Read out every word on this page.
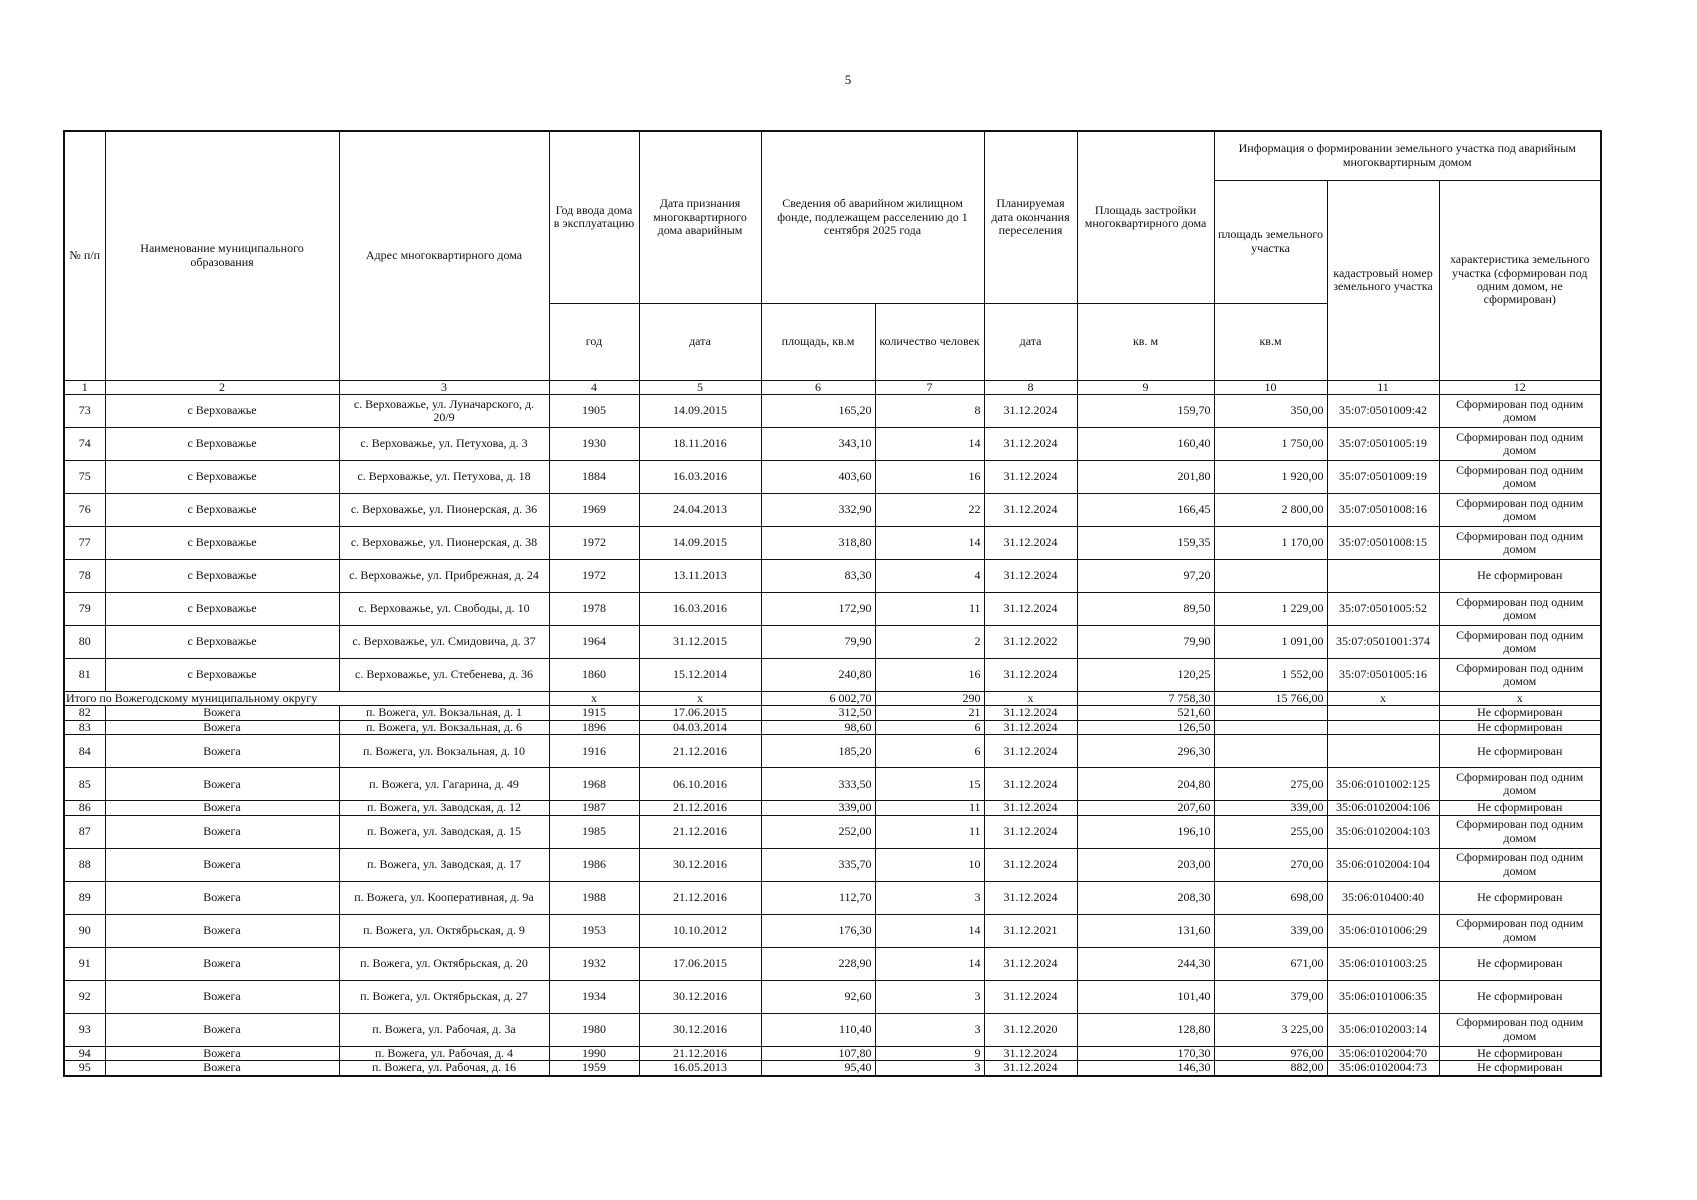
5
№ п/п	Наименование муниципального образования	Адрес многоквартирного дома	Год ввода дома в эксплуатацию	Дата признания многоквартирного дома аварийным	Сведения об аварийном жилищном фонде, подлежащем расселению до 1 сентября 2025 года		Планируемая дата окончания переселения	Площадь застройки многоквартирного дома	Информация о формировании земельного участка под аварийным многоквартирным домом		
									площадь земельного участка	кадастровый номер земельного участка	характеристика земельного участка (сформирован под одним домом, не сформирован)
			год	дата	площадь, кв.м	количество человек	дата	кв. м	кв.м		
1	2	3	4	5	6	7	8	9	10	11	12
73	с Верховажье	с. Верховажье, ул. Луначарского, д. 20/9	1905	14.09.2015	165,20	8	31.12.2024	159,70	350,00	35:07:0501009:42	Сформирован под одним домом
74	с Верховажье	с. Верховажье, ул. Петухова, д. 3	1930	18.11.2016	343,10	14	31.12.2024	160,40	1 750,00	35:07:0501005:19	Сформирован под одним домом
75	с Верховажье	с. Верховажье, ул. Петухова, д. 18	1884	16.03.2016	403,60	16	31.12.2024	201,80	1 920,00	35:07:0501009:19	Сформирован под одним домом
76	с Верховажье	с. Верховажье, ул. Пионерская, д. 36	1969	24.04.2013	332,90	22	31.12.2024	166,45	2 800,00	35:07:0501008:16	Сформирован под одним домом
77	с Верховажье	с. Верховажье, ул. Пионерская, д. 38	1972	14.09.2015	318,80	14	31.12.2024	159,35	1 170,00	35:07:0501008:15	Сформирован под одним домом
78	с Верховажье	с. Верховажье, ул. Прибрежная, д. 24	1972	13.11.2013	83,30	4	31.12.2024	97,20			Не сформирован
79	с Верховажье	с. Верховажье, ул. Свободы, д. 10	1978	16.03.2016	172,90	11	31.12.2024	89,50	1 229,00	35:07:0501005:52	Сформирован под одним домом
80	с Верховажье	с. Верховажье, ул. Смидовича, д. 37	1964	31.12.2015	79,90	2	31.12.2022	79,90	1 091,00	35:07:0501001:374	Сформирован под одним домом
81	с Верховажье	с. Верховажье, ул. Стебенева, д. 36	1860	15.12.2014	240,80	16	31.12.2024	120,25	1 552,00	35:07:0501005:16	Сформирован под одним домом
Итого по Вожегодскому муниципальному округу			x	x	6 002,70	290	x	7 758,30	15 766,00	x	x
82	Вожега	п. Вожега, ул. Вокзальная, д. 1	1915	17.06.2015	312,50	21	31.12.2024	521,60			Не сформирован
83	Вожега	п. Вожега, ул. Вокзальная, д. 6	1896	04.03.2014	98,60	6	31.12.2024	126,50			Не сформирован
84	Вожега	п. Вожега, ул. Вокзальная, д. 10	1916	21.12.2016	185,20	6	31.12.2024	296,30			Не сформирован
85	Вожега	п. Вожега, ул. Гагарина, д. 49	1968	06.10.2016	333,50	15	31.12.2024	204,80	275,00	35:06:0101002:125	Сформирован под одним домом
86	Вожега	п. Вожега, ул. Заводская, д. 12	1987	21.12.2016	339,00	11	31.12.2024	207,60	339,00	35:06:0102004:106	Не сформирован
87	Вожега	п. Вожега, ул. Заводская, д. 15	1985	21.12.2016	252,00	11	31.12.2024	196,10	255,00	35:06:0102004:103	Сформирован под одним домом
88	Вожега	п. Вожега, ул. Заводская, д. 17	1986	30.12.2016	335,70	10	31.12.2024	203,00	270,00	35:06:0102004:104	Сформирован под одним домом
89	Вожега	п. Вожега, ул. Кооперативная, д. 9а	1988	21.12.2016	112,70	3	31.12.2024	208,30	698,00	35:06:010400:40	Не сформирован
90	Вожега	п. Вожега, ул. Октябрьская, д. 9	1953	10.10.2012	176,30	14	31.12.2021	131,60	339,00	35:06:0101006:29	Сформирован под одним домом
91	Вожега	п. Вожега, ул. Октябрьская, д. 20	1932	17.06.2015	228,90	14	31.12.2024	244,30	671,00	35:06:0101003:25	Не сформирован
92	Вожега	п. Вожега, ул. Октябрьская, д. 27	1934	30.12.2016	92,60	3	31.12.2024	101,40	379,00	35:06:0101006:35	Не сформирован
93	Вожега	п. Вожега, ул. Рабочая, д. 3а	1980	30.12.2016	110,40	3	31.12.2020	128,80	3 225,00	35:06:0102003:14	Сформирован под одним домом
94	Вожега	п. Вожега, ул. Рабочая, д. 4	1990	21.12.2016	107,80	9	31.12.2024	170,30	976,00	35:06:0102004:70	Не сформирован
95	Вожега	п. Вожега, ул. Рабочая, д. 16	1959	16.05.2013	95,40	3	31.12.2024	146,30	882,00	35:06:0102004:73	Не сформирован
